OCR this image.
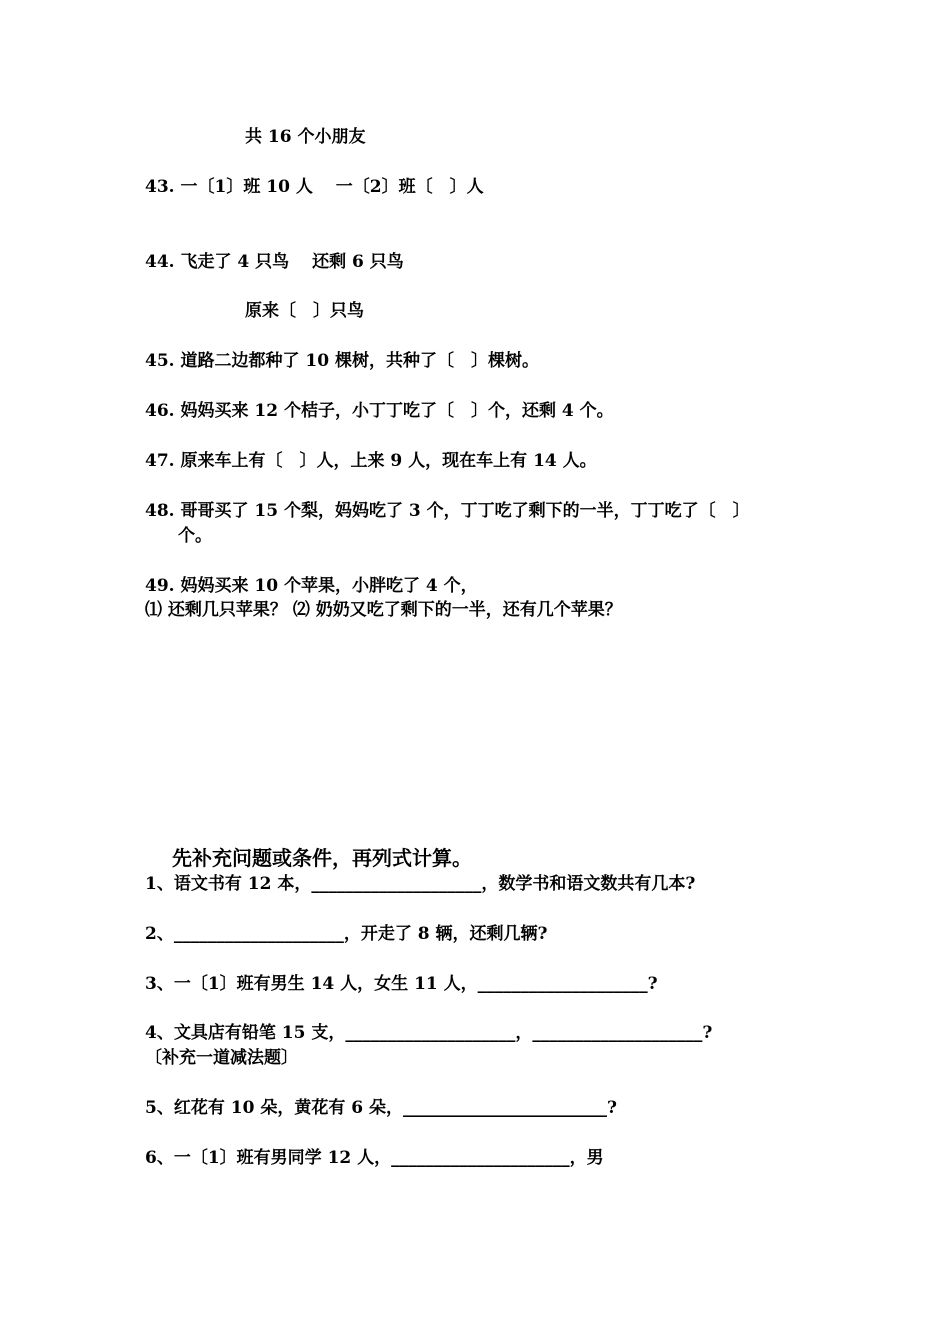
共 16 个小朋友
43. 一〔1〕班 10 人　 一〔2〕班〔　〕人
44. 飞走了 4 只鸟　 还剩 6 只鸟
原来〔　〕只鸟
45. 道路二边都种了 10 棵树，共种了〔　〕棵树。
46. 妈妈买来 12 个桔子，小丁丁吃了〔　〕个，还剩 4 个。
47. 原来车上有〔　〕人，上来 9 人，现在车上有 14 人。
48. 哥哥买了 15 个梨，妈妈吃了 3 个，丁丁吃了剩下的一半，丁丁吃了〔　〕
个。
49. 妈妈买来 10 个苹果，小胖吃了 4 个，
⑴ 还剩几只苹果？ ⑵ 奶奶又吃了剩下的一半，还有几个苹果？
先补充问题或条件，再列式计算。
1、语文书有 12 本，____________________，数学书和语文数共有几本?
2、____________________，开走了 8 辆，还剩几辆?
3、一〔1〕班有男生 14 人，女生 11 人，____________________?
4、文具店有铅笔 15 支，____________________，____________________?
〔补充一道减法题〕
5、红花有 10 朵，黄花有 6 朵，________________________?
6、一〔1〕班有男同学 12 人，_____________________，男
